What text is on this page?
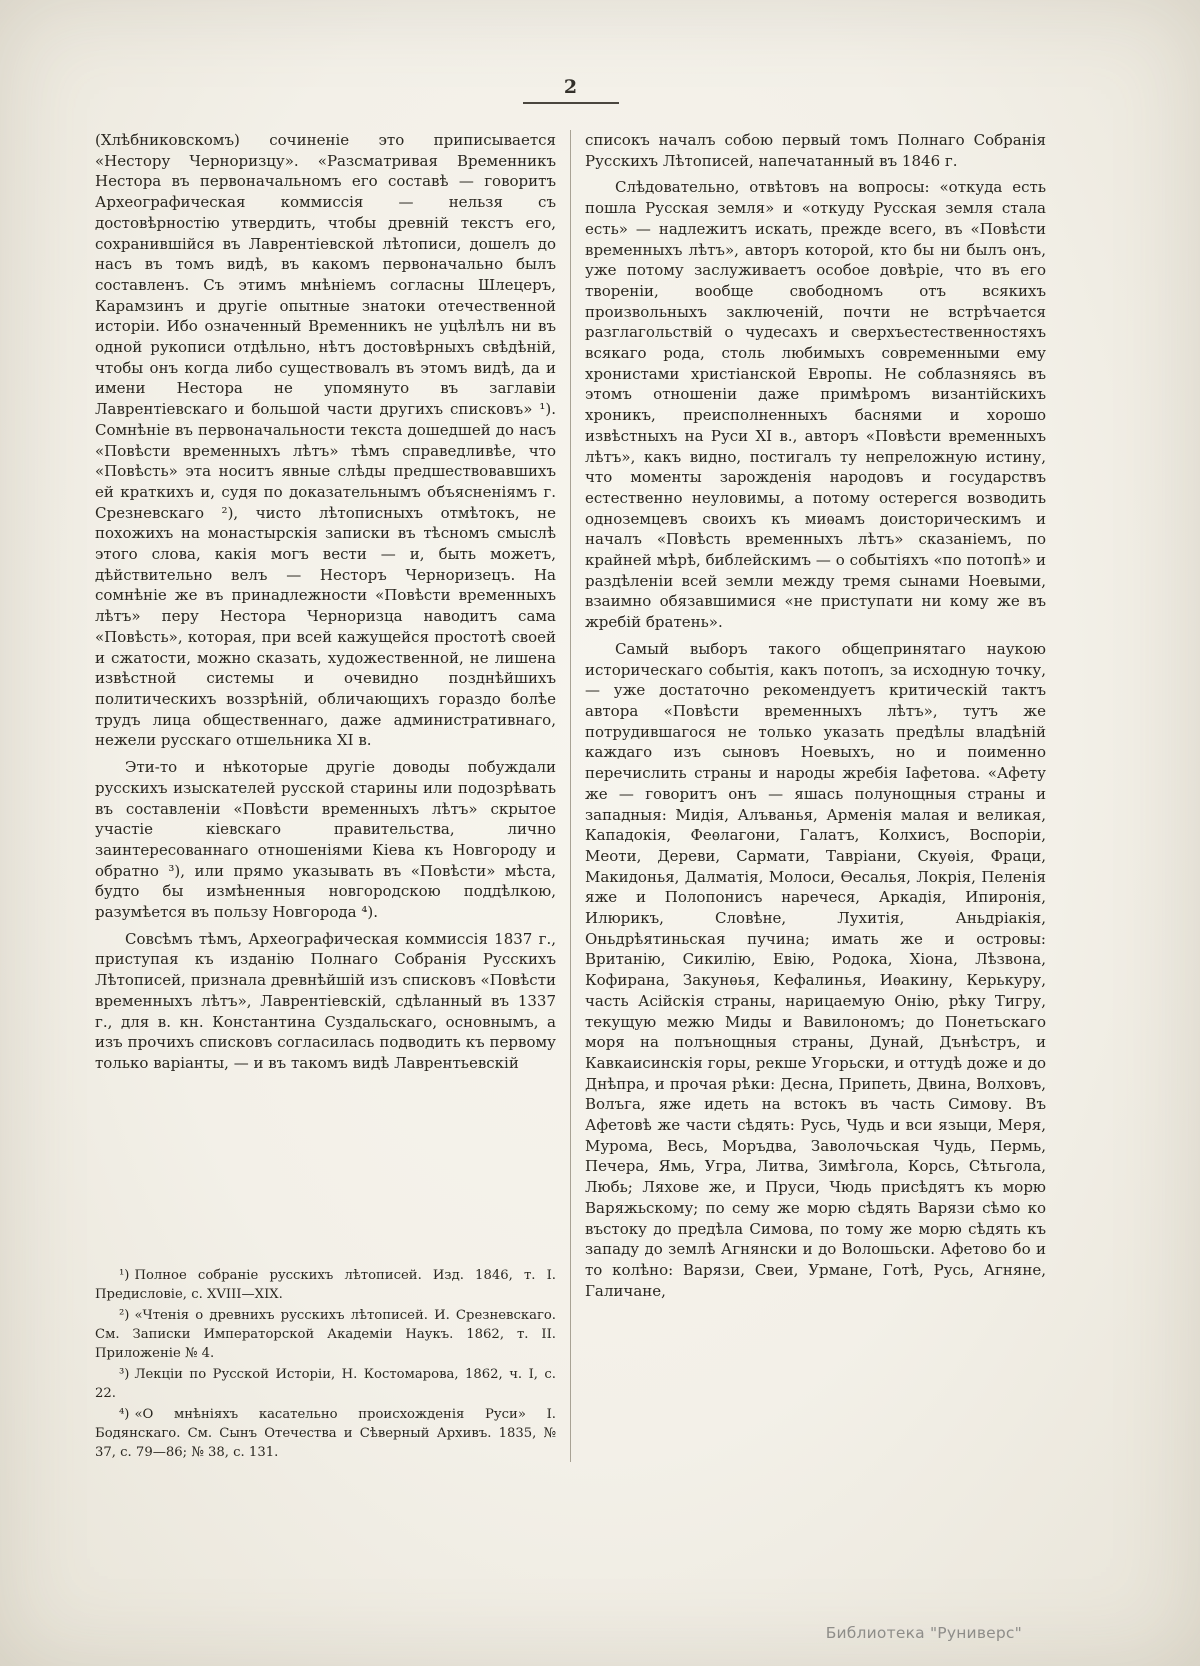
2

(Хлѣбниковскомъ) сочиненіе это приписывается «Нестору Черноризцу». «Разсматривая Временникъ Нестора въ первоначальномъ его составѣ — говоритъ Археографическая коммиссія — нельзя съ достовѣрностію утвердить, чтобы древній текстъ его, сохранившійся въ Лаврентіевской лѣтописи, дошелъ до насъ въ томъ видѣ, въ какомъ первоначально былъ составленъ. Съ этимъ мнѣніемъ согласны Шлецеръ, Карамзинъ и другіе опытные знатоки отечественной исторіи. Ибо означенный Временникъ не уцѣлѣлъ ни въ одной рукописи отдѣльно, нѣтъ достовѣрныхъ свѣдѣній, чтобы онъ когда либо существовалъ въ этомъ видѣ, да и имени Нестора не упомянуто въ заглавіи Лаврентіевскаго и большой части другихъ списковъ» ¹). Сомнѣніе въ первоначальности текста дошедшей до насъ «Повѣсти временныхъ лѣтъ» тѣмъ справедливѣе, что «Повѣсть» эта носитъ явные слѣды предшествовавшихъ ей краткихъ и, судя по доказательнымъ объясненіямъ г. Срезневскаго ²), чисто лѣтописныхъ отмѣтокъ, не похожихъ на монастырскія записки въ тѣсномъ смыслѣ этого слова, какія могъ вести — и, быть можетъ, дѣйствительно велъ — Несторъ Черноризецъ. На сомнѣніе же въ принадлежности «Повѣсти временныхъ лѣтъ» перу Нестора Черноризца наводитъ сама «Повѣсть», которая, при всей кажущейся простотѣ своей и сжатости, можно сказать, художественной, не лишена извѣстной системы и очевидно позднѣйшихъ политическихъ воззрѣній, обличающихъ гораздо болѣе трудъ лица общественнаго, даже административнаго, нежели русскаго отшельника XI в.

Эти-то и нѣкоторые другіе доводы побуждали русскихъ изыскателей русской старины или подозрѣвать въ составленіи «Повѣсти временныхъ лѣтъ» скрытое участіе кіевскаго правительства, лично заинтересованнаго отношеніями Кіева къ Новгороду и обратно ³), или прямо указывать въ «Повѣсти» мѣста, будто бы измѣненныя новгородскою поддѣлкою, разумѣется въ пользу Новгорода ⁴).

Совсѣмъ тѣмъ, Археографическая коммиссія 1837 г., приступая къ изданію Полнаго Собранія Русскихъ Лѣтописей, признала древнѣйшій изъ списковъ «Повѣсти временныхъ лѣтъ», Лаврентіевскій, сдѣланный въ 1337 г., для в. кн. Константина Суздальскаго, основнымъ, а изъ прочихъ списковъ согласилась подводить къ первому только варіанты, — и въ такомъ видѣ Лаврентьевскій

¹) Полное собраніе русскихъ лѣтописей. Изд. 1846, т. I. Предисловіе, с. XVIII—XIX.

²) «Чтенія о древнихъ русскихъ лѣтописей. И. Срезневскаго. См. Записки Императорской Академіи Наукъ. 1862, т. II. Приложеніе № 4.

³) Лекціи по Русской Исторіи, Н. Костомарова, 1862, ч. I, с. 22.

⁴) «О мнѣніяхъ касательно происхожденія Руси» І. Бодянскаго. См. Сынъ Отечества и Сѣверный Архивъ. 1835, № 37, с. 79—86; № 38, с. 131.

списокъ началъ собою первый томъ Полнаго Собранія Русскихъ Лѣтописей, напечатанный въ 1846 г.

Слѣдовательно, отвѣтовъ на вопросы: «откуда есть пошла Русская земля» и «откуду Русская земля стала есть» — надлежитъ искать, прежде всего, въ «Повѣсти временныхъ лѣтъ», авторъ которой, кто бы ни былъ онъ, уже потому заслуживаетъ особое довѣріе, что въ его твореніи, вообще свободномъ отъ всякихъ произвольныхъ заключеній, почти не встрѣчается разглагольствій о чудесахъ и сверхъестественностяхъ всякаго рода, столь любимыхъ современными ему хронистами христіанской Европы. Не соблазняясь въ этомъ отношеніи даже примѣромъ византійскихъ хроникъ, преисполненныхъ баснями и хорошо извѣстныхъ на Руси XI в., авторъ «Повѣсти временныхъ лѣтъ», какъ видно, постигалъ ту непреложную истину, что моменты зарожденія народовъ и государствъ естественно неуловимы, а потому остерегся возводить одноземцевъ своихъ къ миѳамъ доисторическимъ и началъ «Повѣсть временныхъ лѣтъ» сказаніемъ, по крайней мѣрѣ, библейскимъ — о событіяхъ «по потопѣ» и раздѣленіи всей земли между тремя сынами Ноевыми, взаимно обязавшимися «не приступати ни кому же въ жребій братень».

Самый выборъ такого общепринятаго наукою историческаго событія, какъ потопъ, за исходную точку, — уже достаточно рекомендуетъ критическій тактъ автора «Повѣсти временныхъ лѣтъ», тутъ же потрудившагося не только указать предѣлы владѣній каждаго изъ сыновъ Ноевыхъ, но и поименно перечислить страны и народы жребія Іафетова. «Афету же — говоритъ онъ — яшась полунощныя страны и западныя: Мидія, Алъванья, Арменія малая и великая, Кападокія, Феѳлагони, Галатъ, Колхисъ, Воспоріи, Меоти, Дереви, Сармати, Тавріани, Скуѳія, Фраци, Макидонья, Далматія, Молоси, Ѳесалья, Локрія, Пеленія яже и Полопонисъ наречеся, Аркадія, Ипиронія, Илюрикъ, Словѣне, Лухитія, Аньдріакія, Оньдрѣятиньская пучина; имать же и островы: Вританію, Сикилію, Евію, Родока, Хіона, Лѣзвона, Кофирана, Закунѳья, Кефалинья, Иѳакину, Керькуру, часть Асійскія страны, нарицаемую Онію, рѣку Тигру, текущую межю Миды и Вавилономъ; до Понетьскаго моря на полънощныя страны, Дунай, Дънѣстръ, и Кавкаисинскія горы, рекше Угорьски, и оттудѣ доже и до Днѣпра, и прочая рѣки: Десна, Припеть, Двина, Волховъ, Волъга, яже идеть на встокъ въ часть Симову. Въ Афетовѣ же части сѣдять: Русь, Чудь и вси языци, Меря, Мурома, Весь, Моръдва, Заволочьская Чудь, Пермь, Печера, Ямь, Угра, Литва, Зимѣгола, Корсь, Сѣтьгола, Любь; Ляхове же, и Пруси, Чюдь присѣдятъ къ морю Варяжьскому; по сему же морю сѣдять Варязи сѣмо ко въстоку до предѣла Симова, по тому же морю сѣдять къ западу до землѣ Агнянски и до Волошьски. Афетово бо и то колѣно: Варязи, Свеи, Урмане, Готѣ, Русь, Агняне, Галичане,

Библиотека "Руниверс"
